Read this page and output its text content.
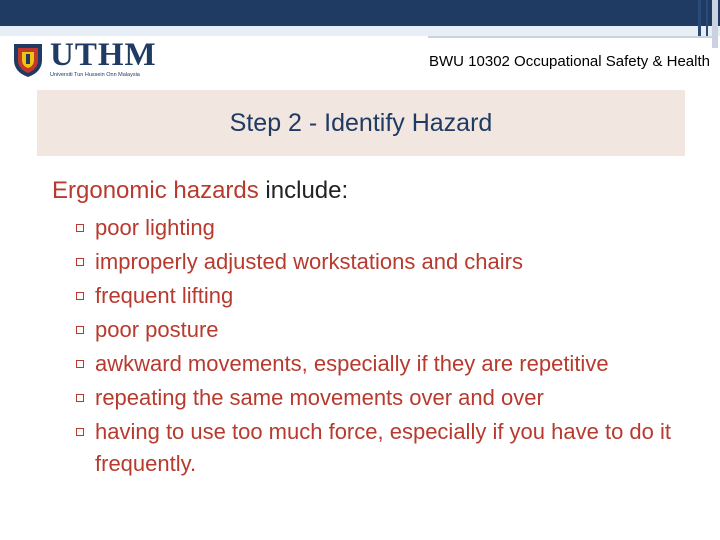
UTHM
Universiti Tun Hussein Onn Malaysia
BWU 10302 Occupational Safety & Health
Step 2 - Identify Hazard
Ergonomic hazards include:
poor lighting
improperly adjusted workstations and chairs
frequent lifting
poor posture
awkward movements, especially if they are repetitive
repeating the same movements over and over
having to use too much force, especially if you have to do it frequently.
